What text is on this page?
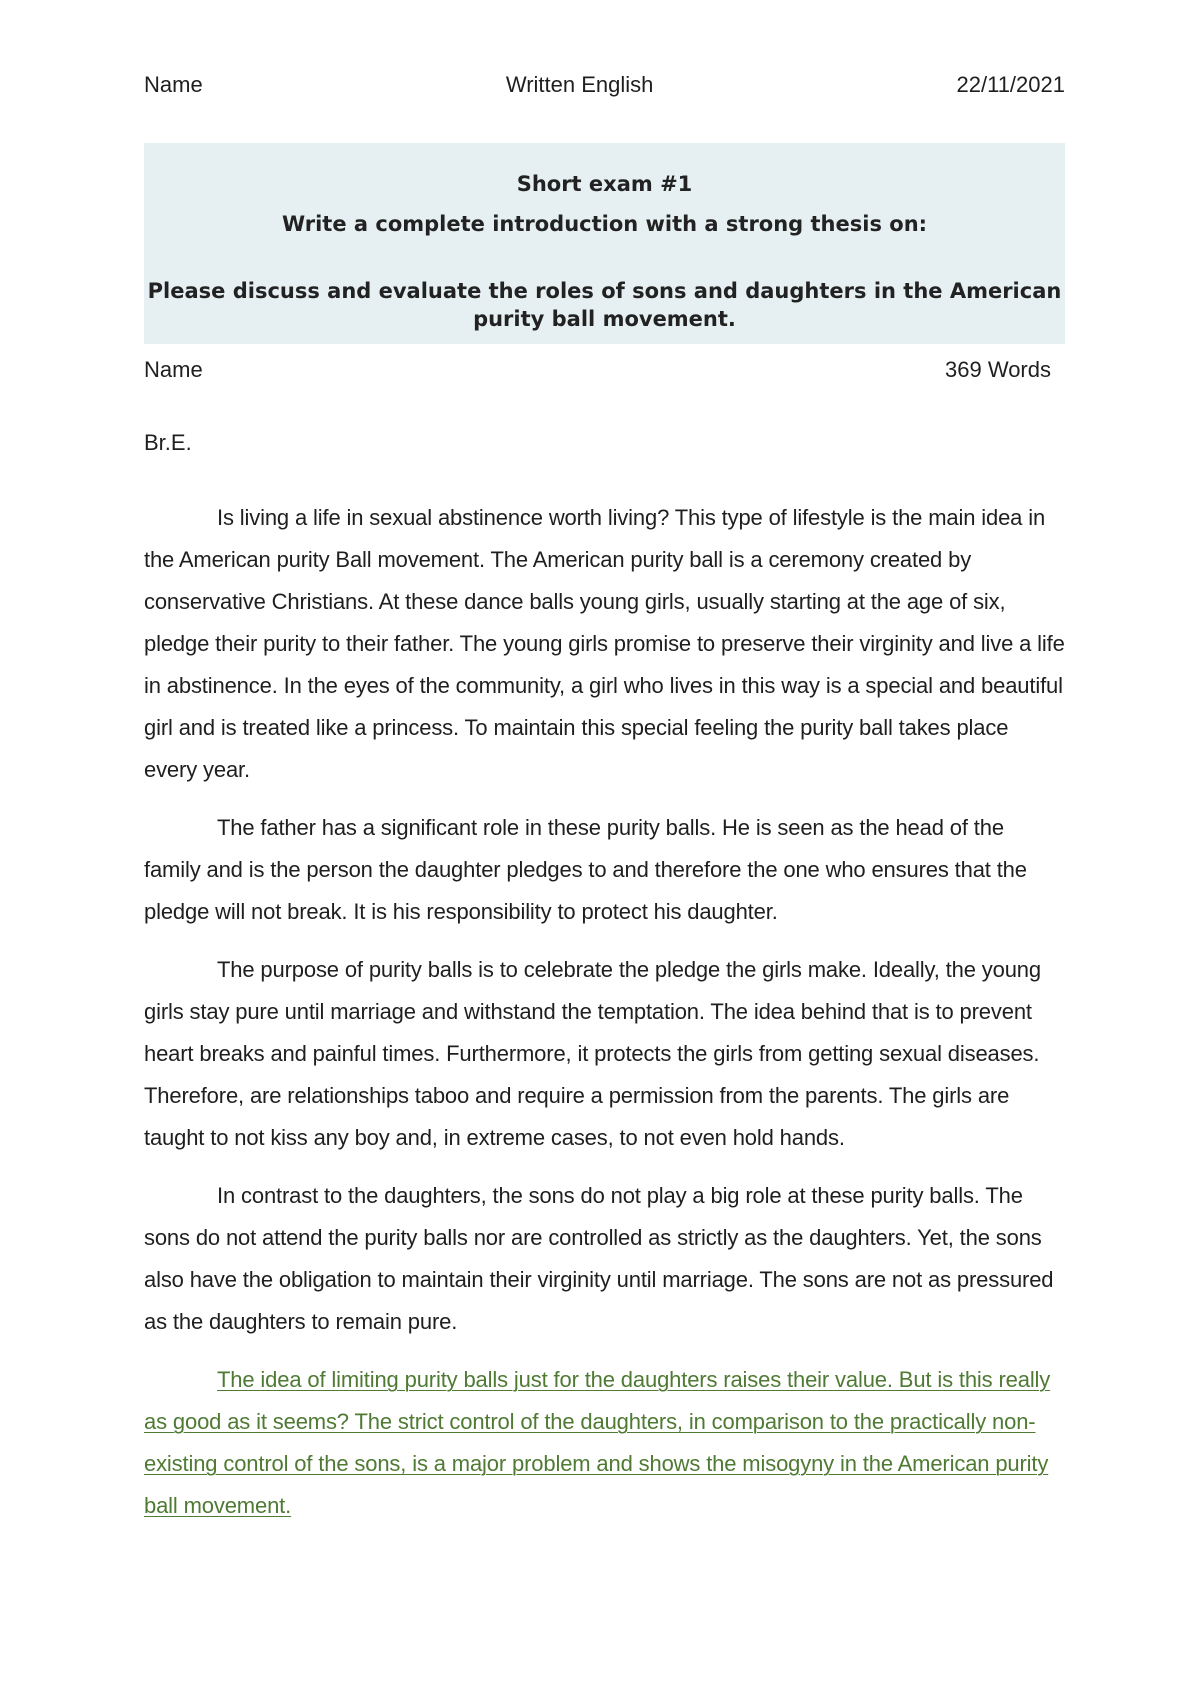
Name	Written English	22/11/2021
Short exam #1
Write a complete introduction with a strong thesis on:
Please discuss and evaluate the roles of sons and daughters in the American purity ball movement.
Name	369 Words
Br.E.

Is living a life in sexual abstinence worth living? This type of lifestyle is the main idea in the American purity Ball movement. The American purity ball is a ceremony created by conservative Christians. At these dance balls young girls, usually starting at the age of six, pledge their purity to their father. The young girls promise to preserve their virginity and live a life in abstinence. In the eyes of the community, a girl who lives in this way is a special and beautiful girl and is treated like a princess. To maintain this special feeling the purity ball takes place every year.

The father has a significant role in these purity balls. He is seen as the head of the family and is the person the daughter pledges to and therefore the one who ensures that the pledge will not break. It is his responsibility to protect his daughter.

The purpose of purity balls is to celebrate the pledge the girls make. Ideally, the young girls stay pure until marriage and withstand the temptation. The idea behind that is to prevent heart breaks and painful times. Furthermore, it protects the girls from getting sexual diseases. Therefore, are relationships taboo and require a permission from the parents. The girls are taught to not kiss any boy and, in extreme cases, to not even hold hands.

In contrast to the daughters, the sons do not play a big role at these purity balls. The sons do not attend the purity balls nor are controlled as strictly as the daughters. Yet, the sons also have the obligation to maintain their virginity until marriage. The sons are not as pressured as the daughters to remain pure.

The idea of limiting purity balls just for the daughters raises their value. But is this really as good as it seems? The strict control of the daughters, in comparison to the practically non-existing control of the sons, is a major problem and shows the misogyny in the American purity ball movement.
